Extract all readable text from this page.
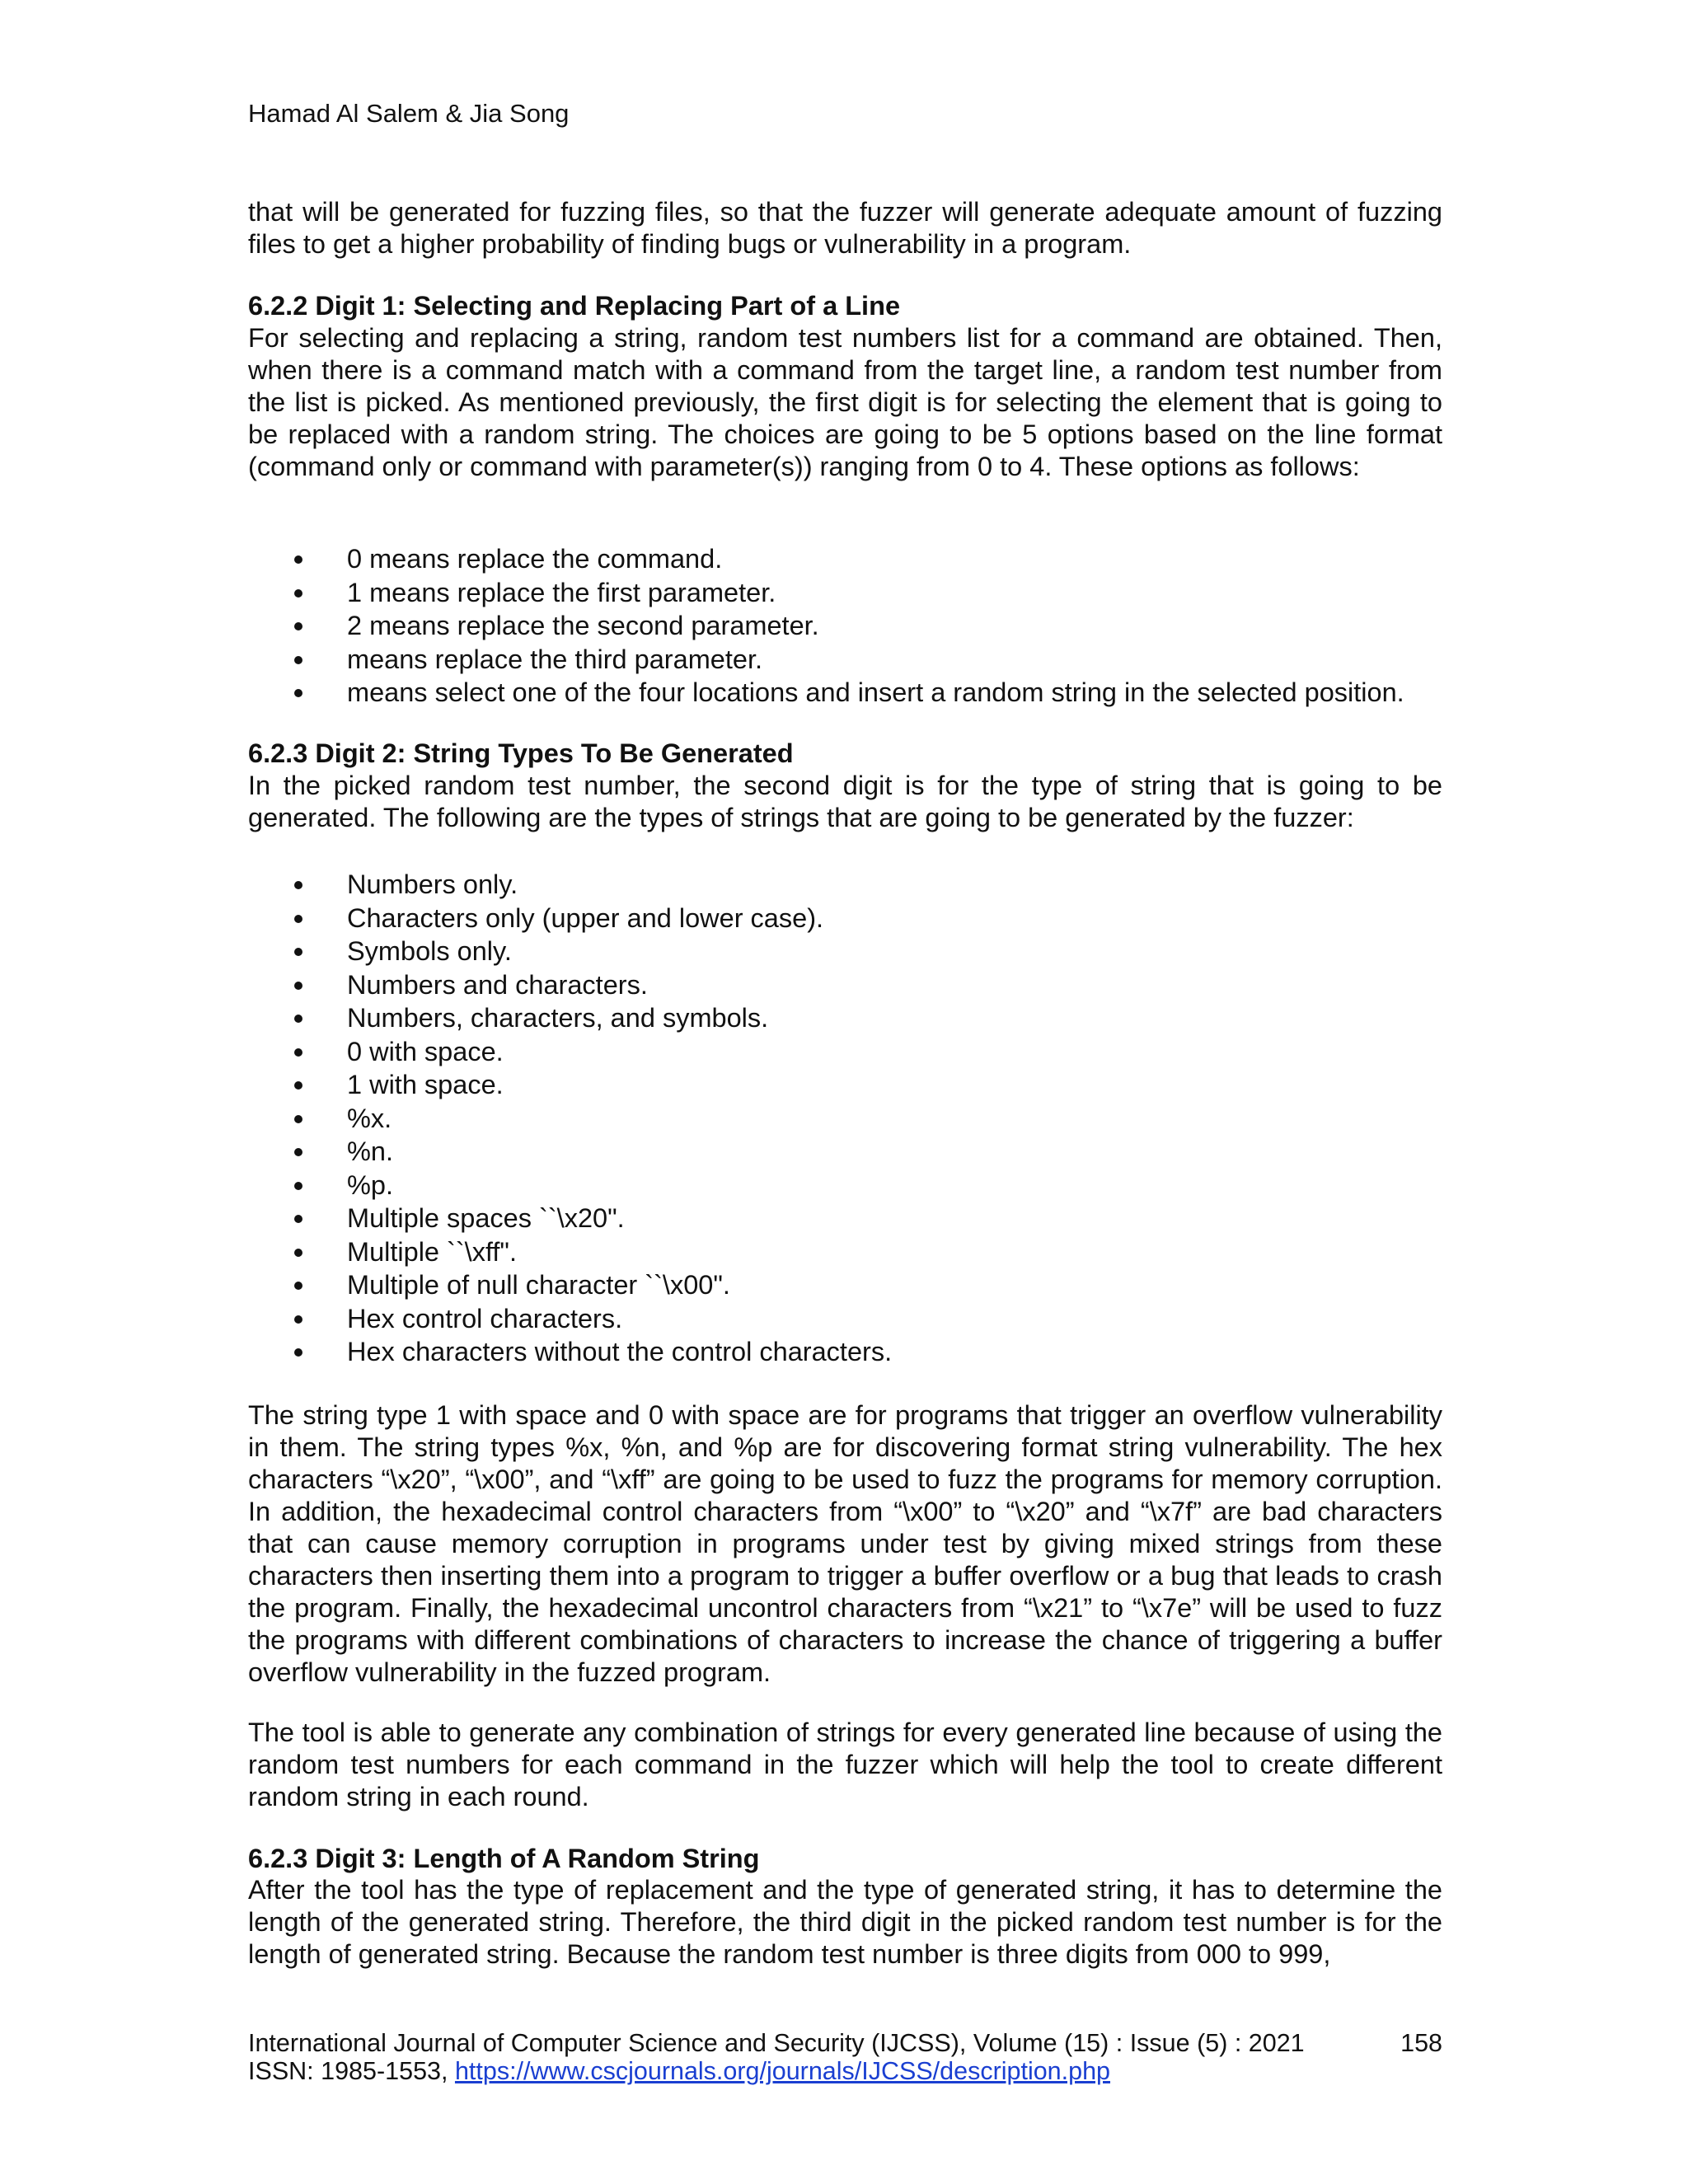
Hamad Al Salem & Jia Song
that will be generated for fuzzing files, so that the fuzzer will generate adequate amount of fuzzing files to get a higher probability of finding bugs or vulnerability in a program.
6.2.2 Digit 1: Selecting and Replacing Part of a Line
For selecting and replacing a string, random test numbers list for a command are obtained. Then, when there is a command match with a command from the target line, a random test number from the list is picked. As mentioned previously, the first digit is for selecting the element that is going to be replaced with a random string. The choices are going to be 5 options based on the line format (command only or command with parameter(s)) ranging from 0 to 4. These options as follows:
0 means replace the command.
1 means replace the first parameter.
2 means replace the second parameter.
means replace the third parameter.
means select one of the four locations and insert a random string in the selected position.
6.2.3 Digit 2: String Types To Be Generated
In the picked random test number, the second digit is for the type of string that is going to be generated. The following are the types of strings that are going to be generated by the fuzzer:
Numbers only.
Characters only (upper and lower case).
Symbols only.
Numbers and characters.
Numbers, characters, and symbols.
0 with space.
1 with space.
%x.
%n.
%p.
Multiple spaces ``\x20".
Multiple ``\xff".
Multiple of null character ``\x00".
Hex control characters.
Hex characters without the control characters.
The string type 1 with space and 0 with space are for programs that trigger an overflow vulnerability in them. The string types %x, %n, and %p are for discovering format string vulnerability. The hex characters “\x20”, “\x00”, and “\xff” are going to be used to fuzz the programs for memory corruption. In addition, the hexadecimal control characters from “\x00” to “\x20” and “\x7f” are bad characters that can cause memory corruption in programs under test by giving mixed strings from these characters then inserting them into a program to trigger a buffer overflow or a bug that leads to crash the program. Finally, the hexadecimal uncontrol characters from “\x21” to “\x7e” will be used to fuzz the programs with different combinations of characters to increase the chance of triggering a buffer overflow vulnerability in the fuzzed program.
The tool is able to generate any combination of strings for every generated line because of using the random test numbers for each command in the fuzzer which will help the tool to create different random string in each round.
6.2.3 Digit 3: Length of A Random String
After the tool has the type of replacement and the type of generated string, it has to determine the length of the generated string. Therefore, the third digit in the picked random test number is for the length of generated string. Because the random test number is three digits from 000 to 999,
International Journal of Computer Science and Security (IJCSS), Volume (15) : Issue (5) : 2021	158
ISSN: 1985-1553, https://www.cscjournals.org/journals/IJCSS/description.php
